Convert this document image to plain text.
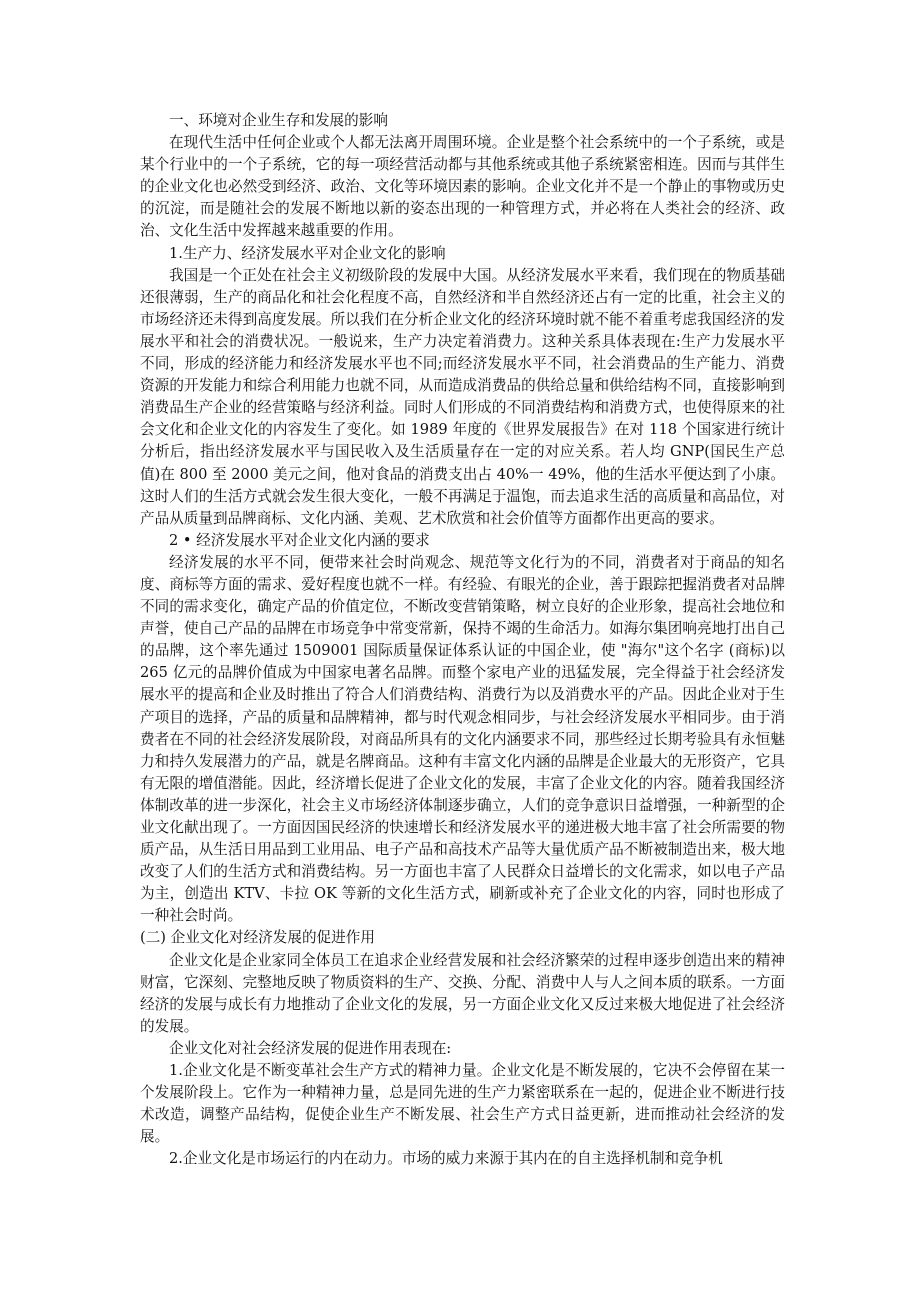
一、环境对企业生存和发展的影响

在现代生活中任何企业或个人都无法离开周围环境。企业是整个社会系统中的一个子系统，或是某个行业中的一个子系统，它的每一项经营活动都与其他系统或其他子系统紧密相连。因而与其伴生的企业文化也必然受到经济、政治、文化等环境因素的影响。企业文化并不是一个静止的事物或历史的沉淀，而是随社会的发展不断地以新的姿态出现的一种管理方式，并必将在人类社会的经济、政治、文化生活中发挥越来越重要的作用。

1.生产力、经济发展水平对企业文化的影响

我国是一个正处在社会主义初级阶段的发展中大国。从经济发展水平来看，我们现在的物质基础还很薄弱，生产的商品化和社会化程度不高，自然经济和半自然经济还占有一定的比重，社会主义的市场经济还未得到高度发展。所以我们在分析企业文化的经济环境时就不能不着重考虑我国经济的发展水平和社会的消费状况。一般说来，生产力决定着消费力。这种关系具体表现在:生产力发展水平不同，形成的经济能力和经济发展水平也不同;而经济发展水平不同，社会消费品的生产能力、消费资源的开发能力和综合利用能力也就不同，从而造成消费品的供给总量和供给结构不同，直接影响到消费品生产企业的经营策略与经济利益。同时人们形成的不同消费结构和消费方式，也使得原来的社会文化和企业文化的内容发生了变化。如 1989 年度的《世界发展报告》在对 118 个国家进行统计分析后，指出经济发展水平与国民收入及生活质量存在一定的对应关系。若人均 GNP(国民生产总值)在 800 至 2000 美元之间，他对食品的消费支出占 40%一 49%，他的生活水平便达到了小康。这时人们的生活方式就会发生很大变化，一般不再满足于温饱，而去追求生活的高质量和高品位，对产品从质量到品牌商标、文化内涵、美观、艺术欣赏和社会价值等方面都作出更高的要求。

2 • 经济发展水平对企业文化内涵的要求

经济发展的水平不同，便带来社会时尚观念、规范等文化行为的不同，消费者对于商品的知名度、商标等方面的需求、爱好程度也就不一样。有经验、有眼光的企业，善于跟踪把握消费者对品牌不同的需求变化，确定产品的价值定位，不断改变营销策略，树立良好的企业形象，提高社会地位和声誉，使自己产品的品牌在市场竞争中常变常新，保持不竭的生命活力。如海尔集团响亮地打出自己的品牌，这个率先通过 1509001 国际质量保证体系认证的中国企业，使 "海尔"这个名字 (商标)以 265 亿元的品牌价值成为中国家电著名品牌。而整个家电产业的迅猛发展，完全得益于社会经济发展水平的提高和企业及时推出了符合人们消费结构、消费行为以及消费水平的产品。因此企业对于生产项目的选择，产品的质量和品牌精神，都与时代观念相同步，与社会经济发展水平相同步。由于消费者在不同的社会经济发展阶段，对商品所具有的文化内涵要求不同，那些经过长期考验具有永恒魅力和持久发展潜力的产品，就是名牌商品。这种有丰富文化内涵的品牌是企业最大的无形资产，它具有无限的增值潜能。因此，经济增长促进了企业文化的发展，丰富了企业文化的内容。随着我国经济体制改革的进一步深化，社会主义市场经济体制逐步确立，人们的竞争意识日益增强，一种新型的企业文化献出现了。一方面因国民经济的快速增长和经济发展水平的递进极大地丰富了社会所需要的物质产品，从生活日用品到工业用品、电子产品和高技术产品等大量优质产品不断被制造出来，极大地改变了人们的生活方式和消费结构。另一方面也丰富了人民群众日益增长的文化需求，如以电子产品为主，创造出 KTV、卡拉 OK 等新的文化生活方式，刷新或补充了企业文化的内容，同时也形成了一种社会时尚。

(二) 企业文化对经济发展的促进作用

企业文化是企业家同全体员工在追求企业经营发展和社会经济繁荣的过程申逐步创造出来的精神财富，它深刻、完整地反映了物质资料的生产、交换、分配、消费中人与人之间本质的联系。一方面经济的发展与成长有力地推动了企业文化的发展，另一方面企业文化又反过来极大地促进了社会经济的发展。

企业文化对社会经济发展的促进作用表现在:

1.企业文化是不断变革社会生产方式的精神力量。企业文化是不断发展的，它决不会停留在某一个发展阶段上。它作为一种精神力量，总是同先进的生产力紧密联系在一起的，促进企业不断进行技术改造，调整产品结构，促使企业生产不断发展、社会生产方式日益更新，进而推动社会经济的发展。

2.企业文化是市场运行的内在动力。市场的威力来源于其内在的自主选择机制和竞争机
